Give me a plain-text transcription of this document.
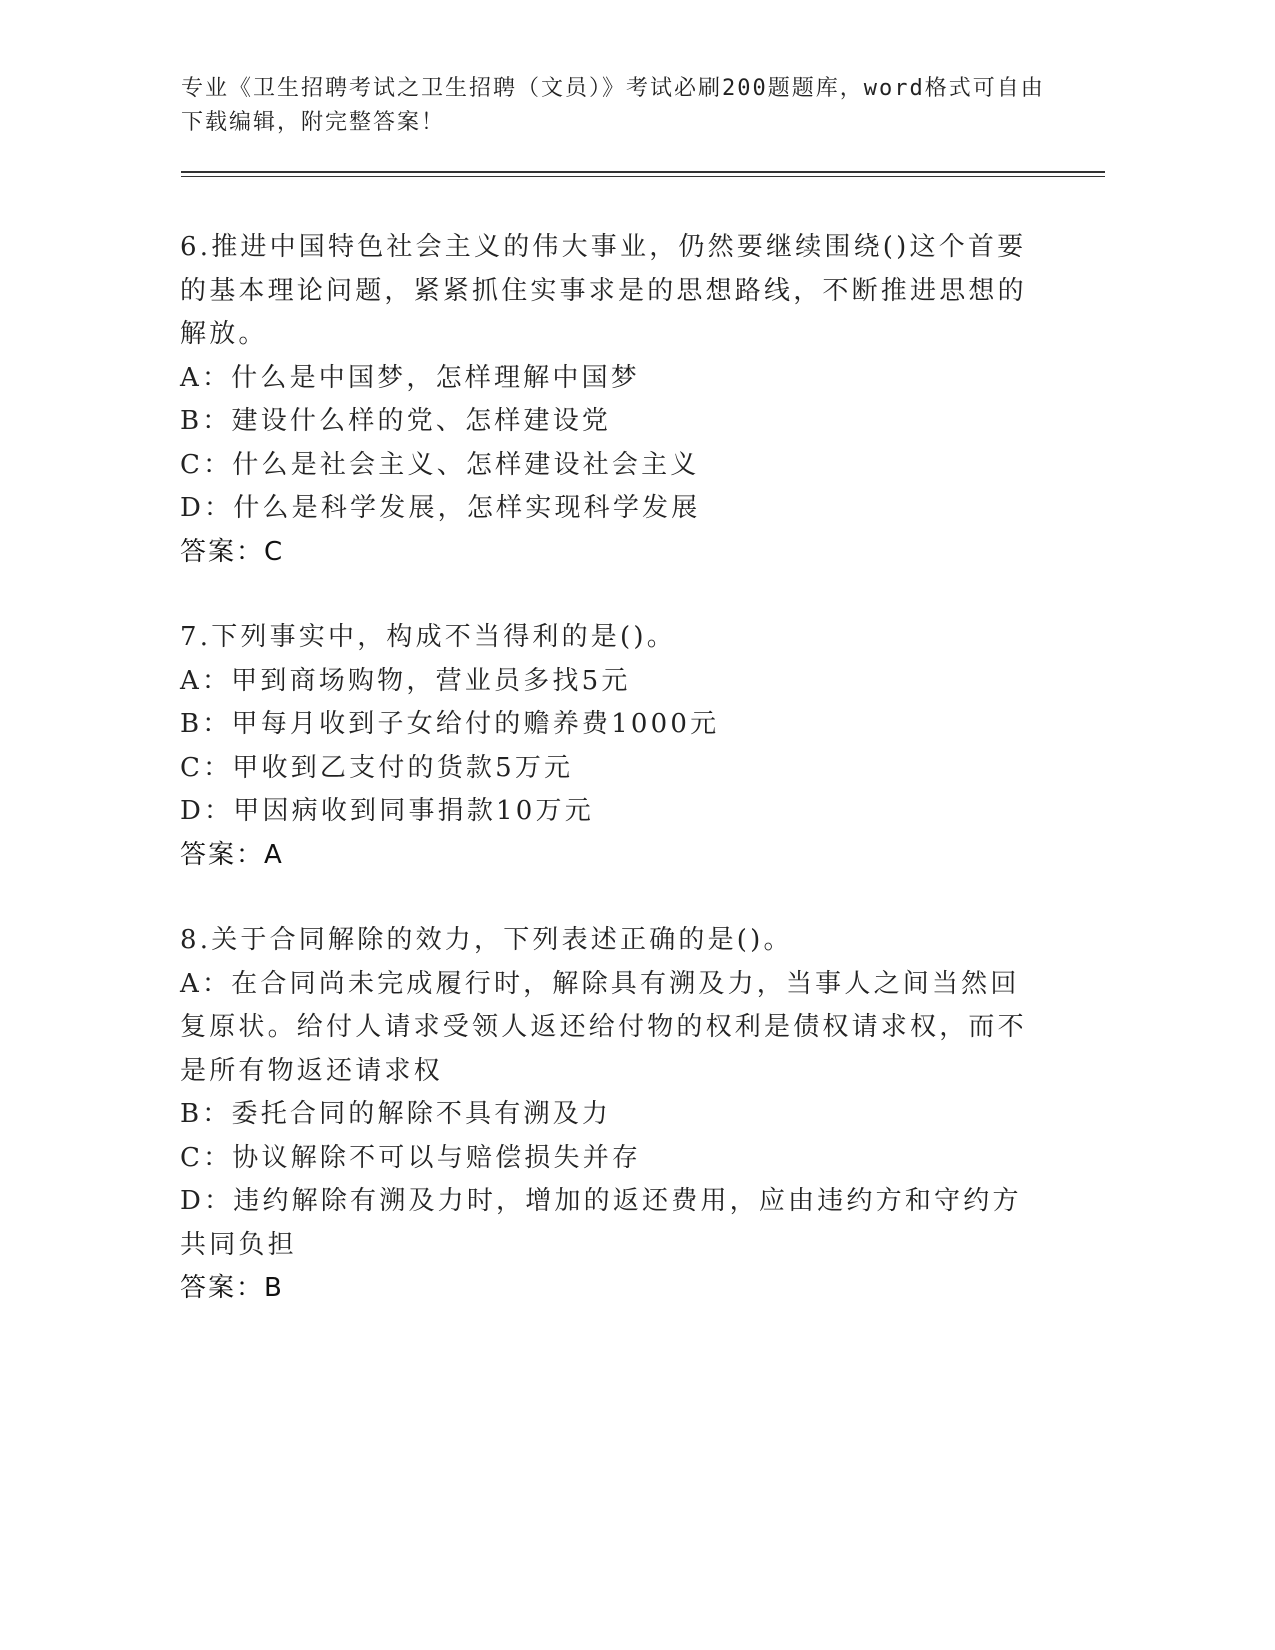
专业《卫生招聘考试之卫生招聘（文员）》考试必刷200题题库，word格式可自由下载编辑，附完整答案！

6.推进中国特色社会主义的伟大事业，仍然要继续围绕()这个首要的基本理论问题，紧紧抓住实事求是的思想路线，不断推进思想的解放。

A：什么是中国梦，怎样理解中国梦

B：建设什么样的党、怎样建设党

C：什么是社会主义、怎样建设社会主义

D：什么是科学发展，怎样实现科学发展

答案：C

7.下列事实中，构成不当得利的是()。

A：甲到商场购物，营业员多找5元

B：甲每月收到子女给付的赡养费1000元

C：甲收到乙支付的货款5万元

D：甲因病收到同事捐款10万元

答案：A

8.关于合同解除的效力，下列表述正确的是()。

A：在合同尚未完成履行时，解除具有溯及力，当事人之间当然回复原状。给付人请求受领人返还给付物的权利是债权请求权，而不是所有物返还请求权

B：委托合同的解除不具有溯及力

C：协议解除不可以与赔偿损失并存

D：违约解除有溯及力时，增加的返还费用，应由违约方和守约方共同负担

答案：B
